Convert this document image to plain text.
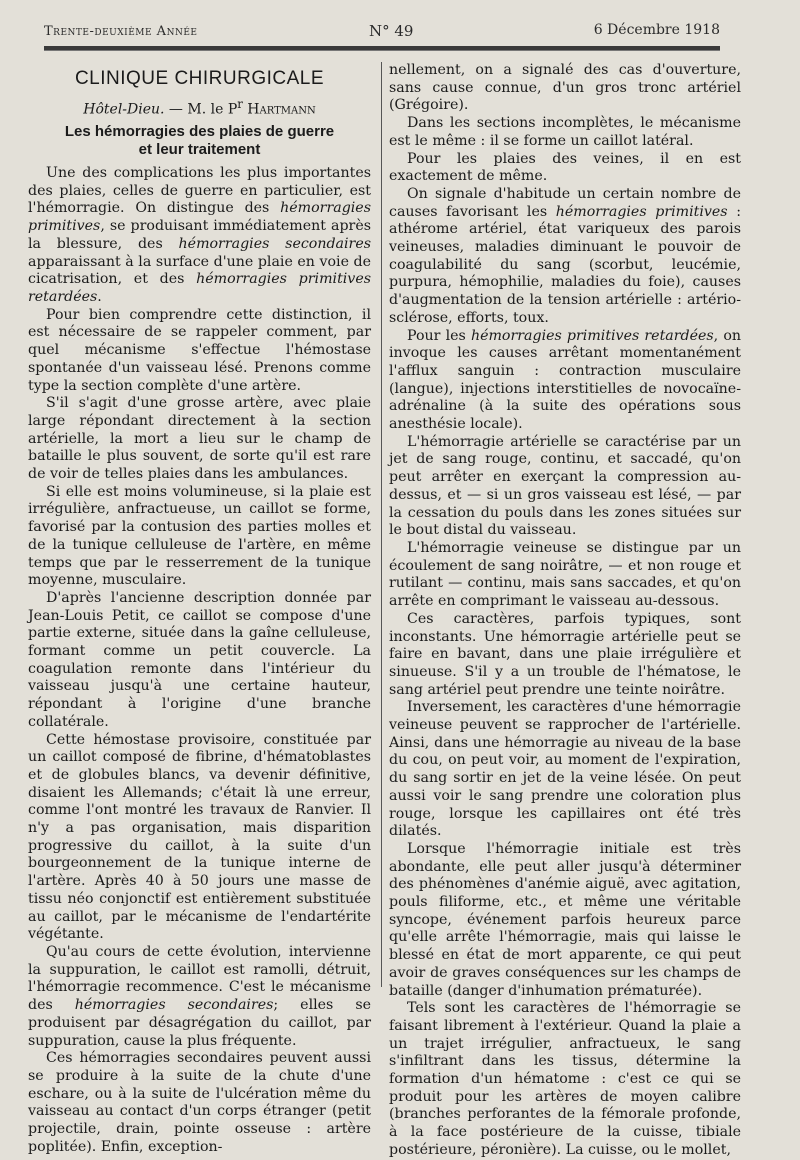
Trente-deuxième Année	N° 49	6 Décembre 1918
CLINIQUE CHIRURGICALE
Hôtel-Dieu. — M. le $P^r$ Hartmann
Les hémorragies des plaies de guerre
et leur traitement

Une des complications les plus importantes des plaies, celles de guerre en particulier, est l'hémorragie. On distingue des hémorragies primitives, se produisant immédiatement après la blessure, des hémorragies secondaires apparaissant à la surface d'une plaie en voie de cicatrisation, et des hémorragies primitives retardées.

Pour bien comprendre cette distinction, il est nécessaire de se rappeler comment, par quel mécanisme s'effectue l'hémostase spontanée d'un vaisseau lésé. Prenons comme type la section complète d'une artère.

S'il s'agit d'une grosse artère, avec plaie large répondant directement à la section artérielle, la mort a lieu sur le champ de bataille le plus souvent, de sorte qu'il est rare de voir de telles plaies dans les ambulances.

Si elle est moins volumineuse, si la plaie est irrégulière, anfractueuse, un caillot se forme, favorisé par la contusion des parties molles et de la tunique celluleuse de l'artère, en même temps que par le resserrement de la tunique moyenne, musculaire.

D'après l'ancienne description donnée par Jean-Louis Petit, ce caillot se compose d'une partie externe, située dans la gaîne celluleuse, formant comme un petit couvercle. La coagulation remonte dans l'intérieur du vaisseau jusqu'à une certaine hauteur, répondant à l'origine d'une branche collatérale.

Cette hémostase provisoire, constituée par un caillot composé de fibrine, d'hématoblastes et de globules blancs, va devenir définitive, disaient les Allemands; c'était là une erreur, comme l'ont montré les travaux de Ranvier. Il n'y a pas organisation, mais disparition progressive du caillot, à la suite d'un bourgeonnement de la tunique interne de l'artère. Après 40 à 50 jours une masse de tissu néo conjonctif est entièrement substituée au caillot, par le mécanisme de l'endartérite végétante.

Qu'au cours de cette évolution, intervienne la suppuration, le caillot est ramolli, détruit, l'hémorragie recommence. C'est le mécanisme des hémorragies secondaires; elles se produisent par désagrégation du caillot, par suppuration, cause la plus fréquente.

Ces hémorragies secondaires peuvent aussi se produire à la suite de la chute d'une eschare, ou à la suite de l'ulcération même du vaisseau au contact d'un corps étranger (petit projectile, drain, pointe osseuse : artère poplitée). Enfin, exception-

nellement, on a signalé des cas d'ouverture, sans cause connue, d'un gros tronc artériel (Grégoire).

Dans les sections incomplètes, le mécanisme est le même : il se forme un caillot latéral.

Pour les plaies des veines, il en est exactement de même.

On signale d'habitude un certain nombre de causes favorisant les hémorragies primitives : athérome artériel, état variqueux des parois veineuses, maladies diminuant le pouvoir de coagulabilité du sang (scorbut, leucémie, purpura, hémophilie, maladies du foie), causes d'augmentation de la tension artérielle : artério-sclérose, efforts, toux.

Pour les hémorragies primitives retardées, on invoque les causes arrêtant momentanément l'afflux sanguin : contraction musculaire (langue), injections interstitielles de novocaïne-adrénaline (à la suite des opérations sous anesthésie locale).

L'hémorragie artérielle se caractérise par un jet de sang rouge, continu, et saccadé, qu'on peut arrêter en exerçant la compression au-dessus, et — si un gros vaisseau est lésé, — par la cessation du pouls dans les zones situées sur le bout distal du vaisseau.

L'hémorragie veineuse se distingue par un écoulement de sang noirâtre, — et non rouge et rutilant — continu, mais sans saccades, et qu'on arrête en comprimant le vaisseau au-dessous.

Ces caractères, parfois typiques, sont inconstants. Une hémorragie artérielle peut se faire en bavant, dans une plaie irrégulière et sinueuse. S'il y a un trouble de l'hématose, le sang artériel peut prendre une teinte noirâtre.

Inversement, les caractères d'une hémorragie veineuse peuvent se rapprocher de l'artérielle. Ainsi, dans une hémorragie au niveau de la base du cou, on peut voir, au moment de l'expiration, du sang sortir en jet de la veine lésée. On peut aussi voir le sang prendre une coloration plus rouge, lorsque les capillaires ont été très dilatés.

Lorsque l'hémorragie initiale est très abondante, elle peut aller jusqu'à déterminer des phénomènes d'anémie aiguë, avec agitation, pouls filiforme, etc., et même une véritable syncope, événement parfois heureux parce qu'elle arrête l'hémorragie, mais qui laisse le blessé en état de mort apparente, ce qui peut avoir de graves conséquences sur les champs de bataille (danger d'inhumation prématurée).

Tels sont les caractères de l'hémorragie se faisant librement à l'extérieur. Quand la plaie a un trajet irrégulier, anfractueux, le sang s'infiltrant dans les tissus, détermine la formation d'un hématome : c'est ce qui se produit pour les artères de moyen calibre (branches perforantes de la fémorale profonde, à la face postérieure de la cuisse, tibiale postérieure, péronière). La cuisse, ou le mollet,
